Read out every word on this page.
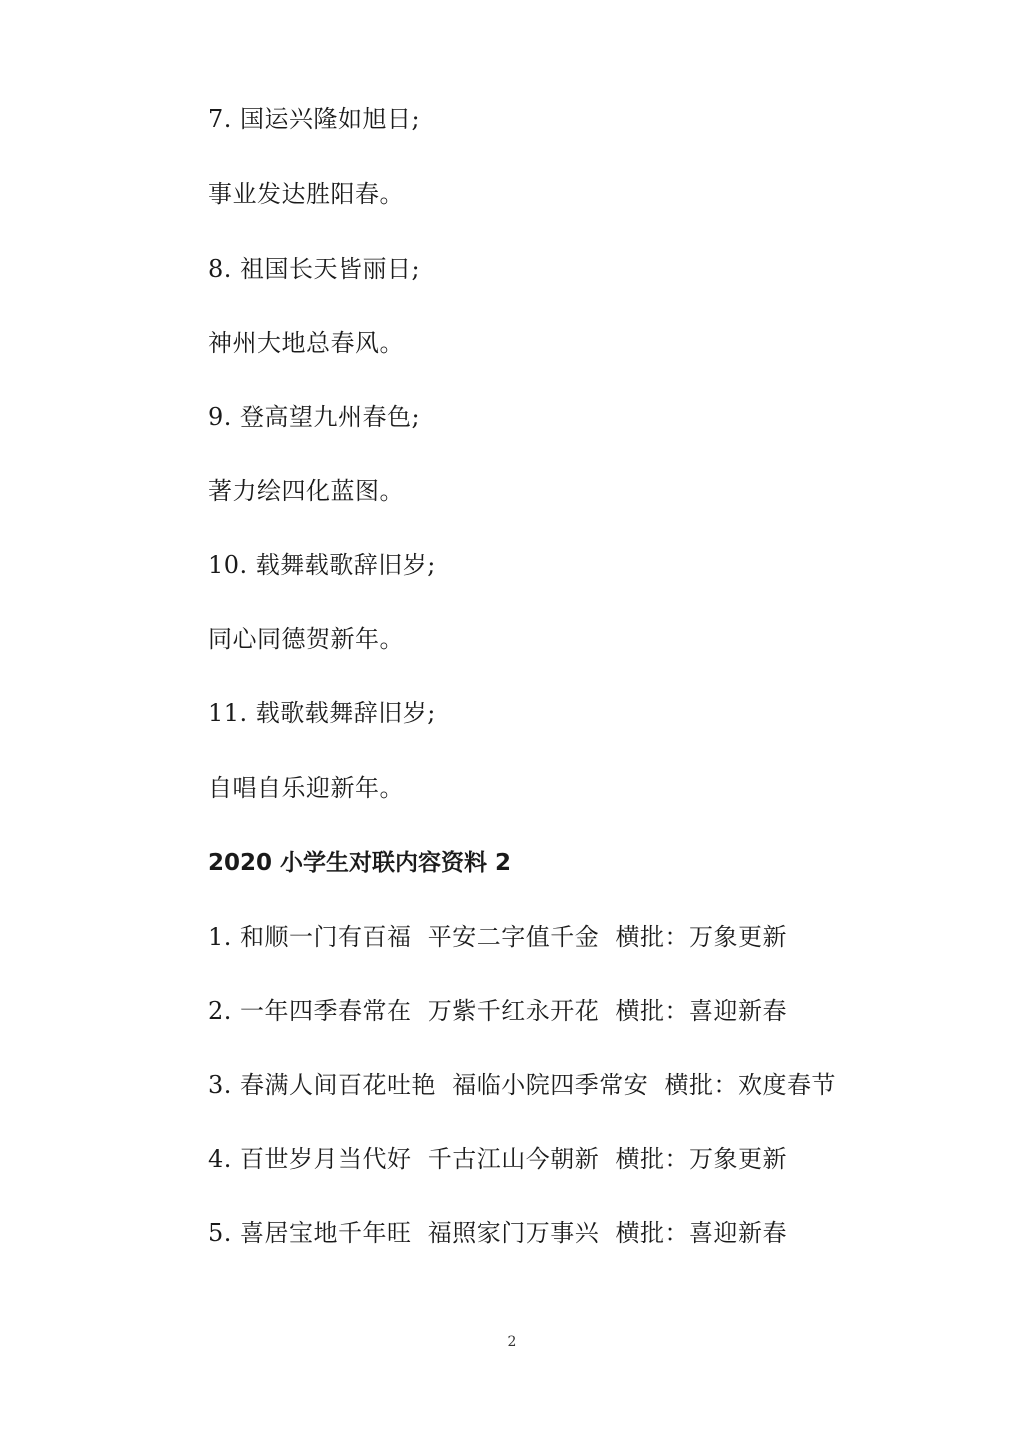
7. 国运兴隆如旭日;
事业发达胜阳春。
8. 祖国长天皆丽日;
神州大地总春风。
9. 登高望九州春色;
著力绘四化蓝图。
10. 载舞载歌辞旧岁;
同心同德贺新年。
11. 载歌载舞辞旧岁;
自唱自乐迎新年。
2020 小学生对联内容资料 2
1. 和顺一门有百福  平安二字值千金  横批：万象更新
2. 一年四季春常在  万紫千红永开花  横批：喜迎新春
3. 春满人间百花吐艳  福临小院四季常安  横批：欢度春节
4. 百世岁月当代好  千古江山今朝新  横批：万象更新
5. 喜居宝地千年旺  福照家门万事兴  横批：喜迎新春
2
